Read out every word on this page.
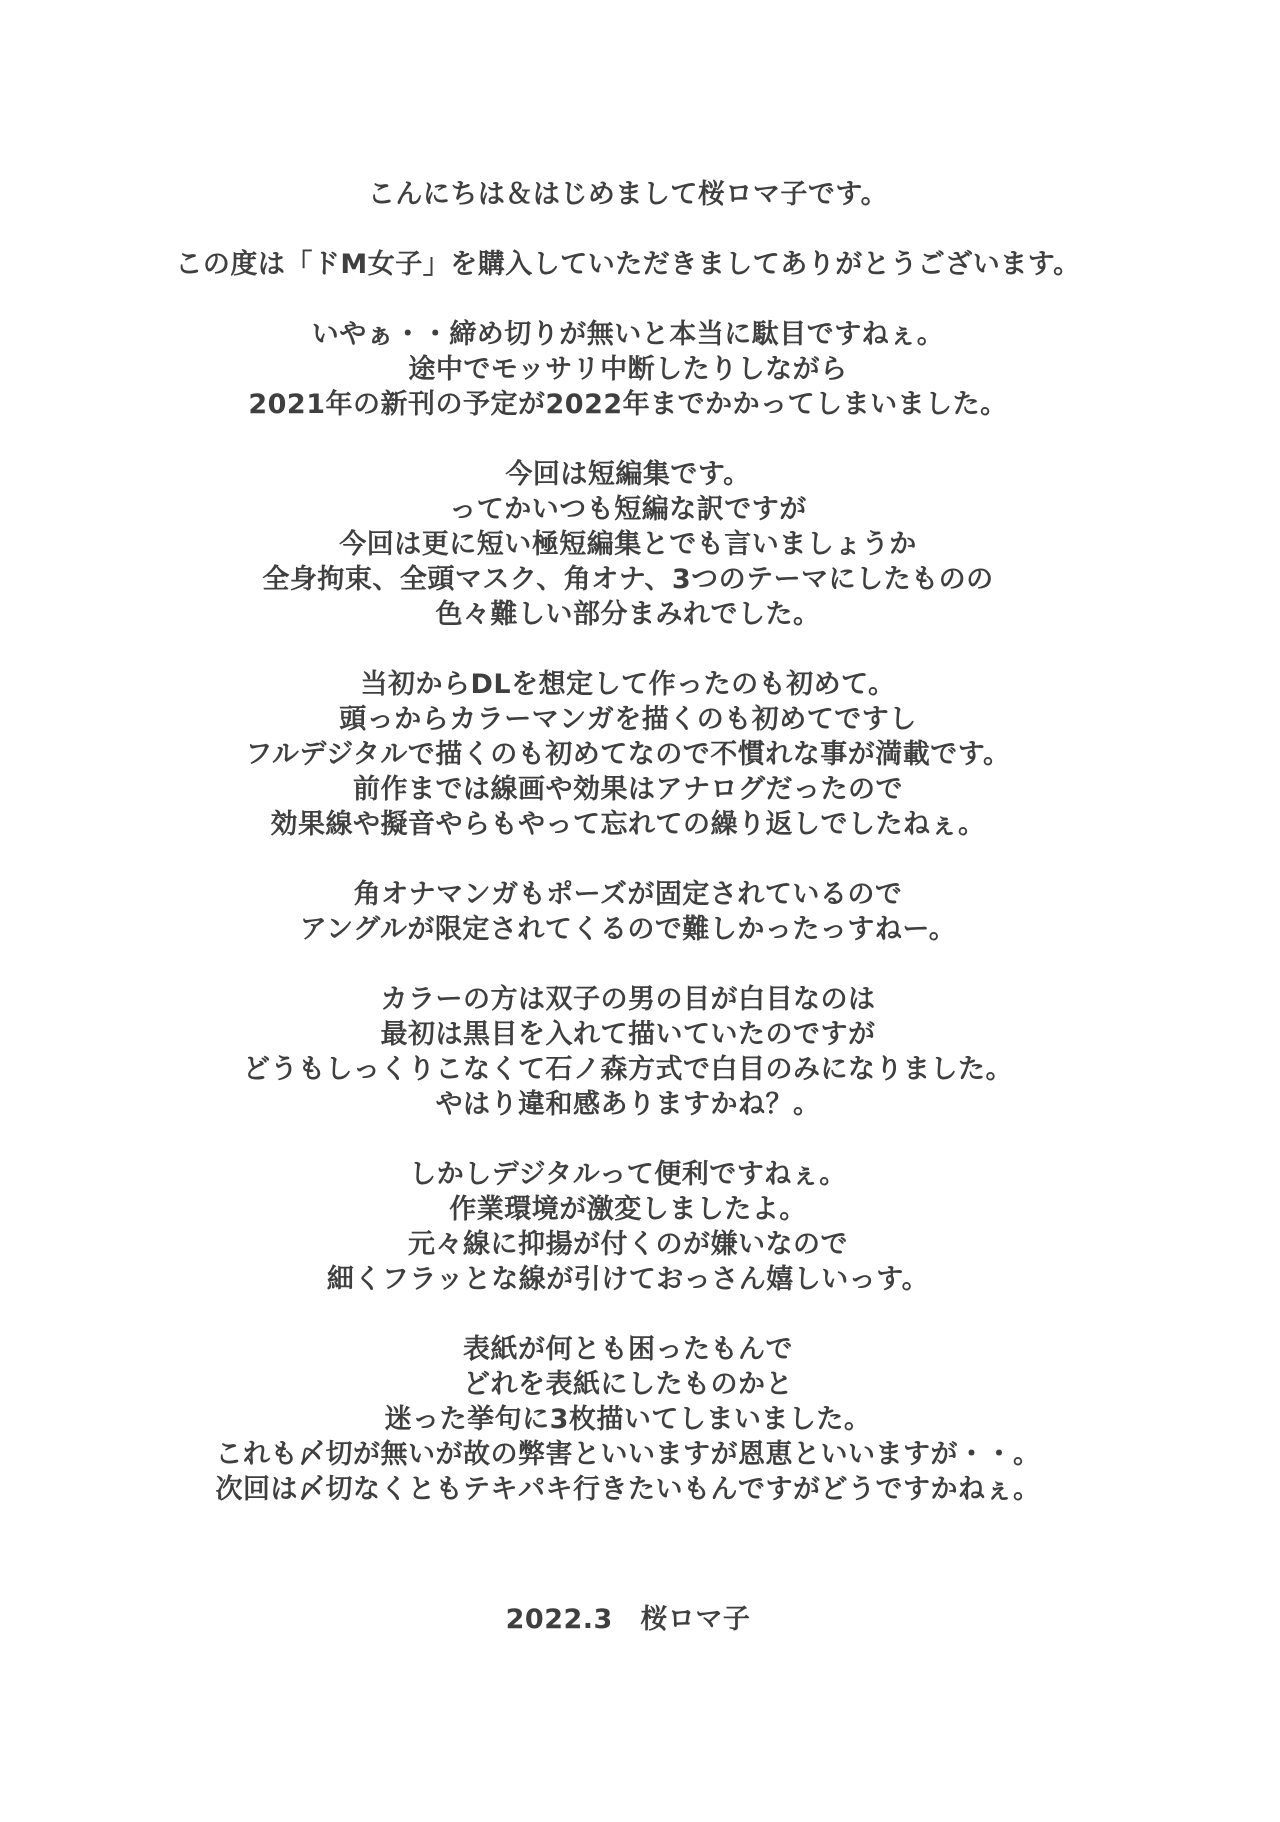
こんにちは＆はじめまして桜ロマ子です。
この度は「ドM女子」を購入していただきましてありがとうございます。
いやぁ・・締め切りが無いと本当に駄目ですねぇ。
途中でモッサリ中断したりしながら
2021年の新刊の予定が2022年までかかってしまいました。
今回は短編集です。
ってかいつも短編な訳ですが
今回は更に短い極短編集とでも言いましょうか
全身拘束、全頭マスク、角オナ、3つのテーマにしたものの
色々難しい部分まみれでした。
当初からDLを想定して作ったのも初めて。
頭っからカラーマンガを描くのも初めてですし
フルデジタルで描くのも初めてなので不慣れな事が満載です。
前作までは線画や効果はアナログだったので
効果線や擬音やらもやって忘れての繰り返しでしたねぇ。
角オナマンガもポーズが固定されているので
アングルが限定されてくるので難しかったっすねー。
カラーの方は双子の男の目が白目なのは
最初は黒目を入れて描いていたのですが
どうもしっくりこなくて石ノ森方式で白目のみになりました。
やはり違和感ありますかね？。
しかしデジタルって便利ですねぇ。
作業環境が激変しましたよ。
元々線に抑揚が付くのが嫌いなので
細くフラッとな線が引けておっさん嬉しいっす。
表紙が何とも困ったもんで
どれを表紙にしたものかと
迷った挙句に3枚描いてしまいました。
これも〆切が無いが故の弊害といいますが恩恵といいますが・・。
次回は〆切なくともテキパキ行きたいもんですがどうですかねぇ。
2022.3　桜ロマ子
